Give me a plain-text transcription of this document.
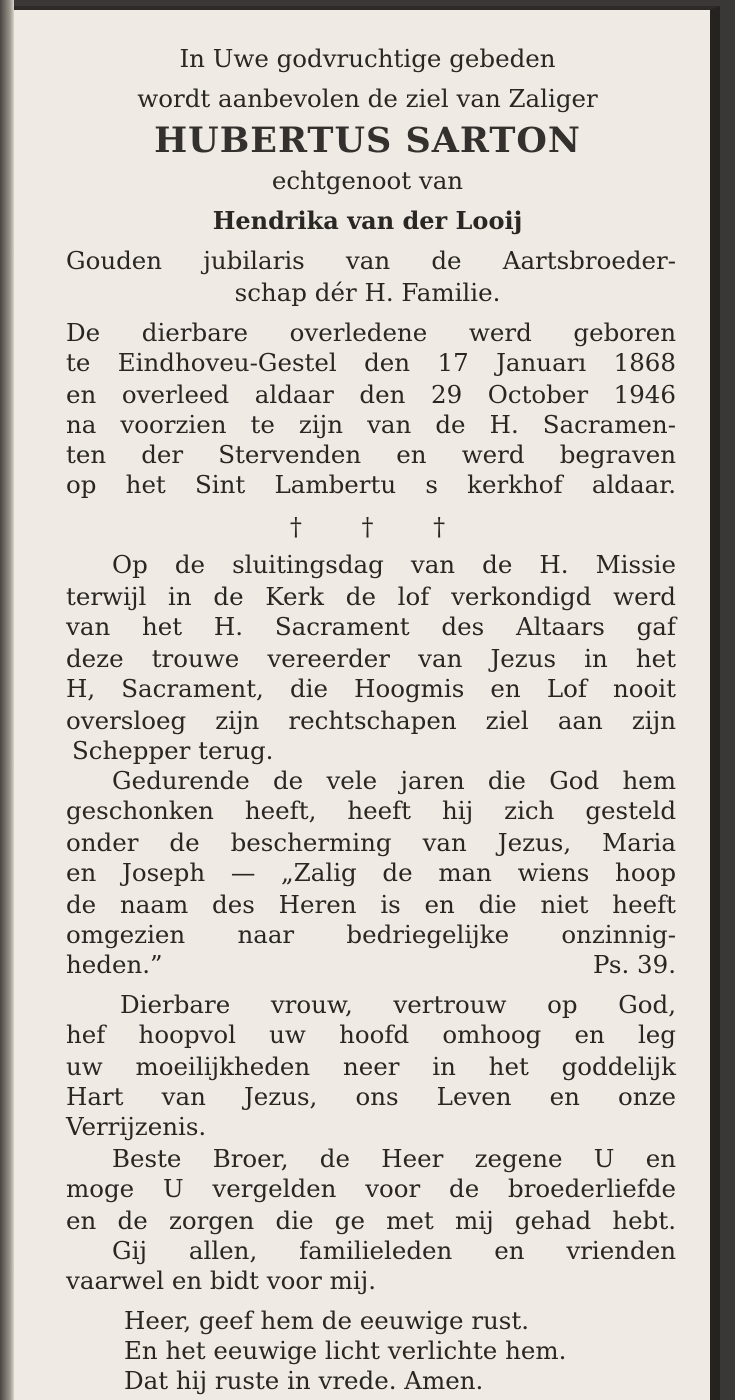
In Uwe godvruchtige gebeden
wordt aanbevolen de ziel van Zaliger
HUBERTUS SARTON
echtgenoot van
Hendrika van der Looij
Gouden jubilaris van de Aartsbroeder-
schap dér H. Familie.
De dierbare overledene werd geboren
te Eindhoveu-Gestel den 17 Januarı 1868
en overleed aldaar den 29 October 1946
na voorzien te zijn van de H. Sacramen-
ten der Stervenden en werd begraven
op het Sint Lambertu s kerkhof aldaar.
† † †
Op de sluitingsdag van de H. Missie
terwijl in de Kerk de lof verkondigd werd
van het H. Sacrament des Altaars gaf
deze trouwe vereerder van Jezus in het
H, Sacrament, die Hoogmis en Lof nooit
oversloeg zijn rechtschapen ziel aan zijn
Schepper terug.
Gedurende de vele jaren die God hem
geschonken heeft, heeft hij zich gesteld
onder de bescherming van Jezus, Maria
en Joseph — „Zalig de man wiens hoop
de naam des Heren is en die niet heeft
omgezien naar bedriegelijke onzinnig-
heden.”	Ps. 39.
Dierbare vrouw, vertrouw op God,
hef hoopvol uw hoofd omhoog en leg
uw moeilijkheden neer in het goddelijk
Hart van Jezus, ons Leven en onze
Verrijzenis.
Beste Broer, de Heer zegene U en
moge U vergelden voor de broederliefde
en de zorgen die ge met mij gehad hebt.
Gij allen, familieleden en vrienden
vaarwel en bidt voor mij.
Heer, geef hem de eeuwige rust.
En het eeuwige licht verlichte hem.
Dat hij ruste in vrede. Amen.
